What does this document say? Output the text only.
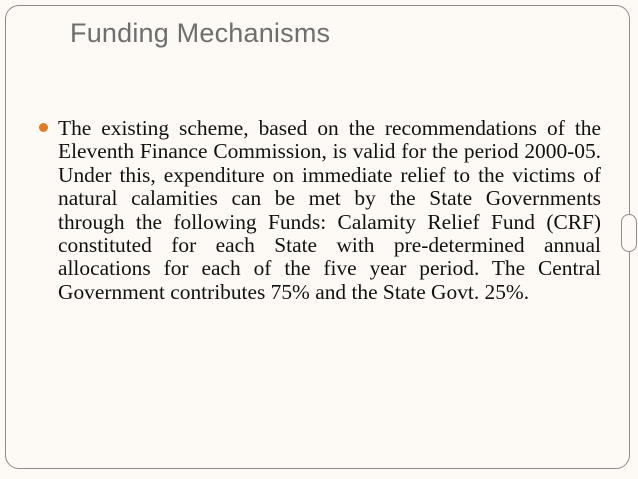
Funding Mechanisms
The existing scheme, based on the recommendations of the Eleventh Finance Commission, is valid for the period 2000-05. Under this, expenditure on immediate relief to the victims of natural calamities can be met by the State Governments through the following Funds: Calamity Relief Fund (CRF) constituted for each State with pre-determined annual allocations for each of the five year period. The Central Government contributes 75% and the State Govt. 25%.
